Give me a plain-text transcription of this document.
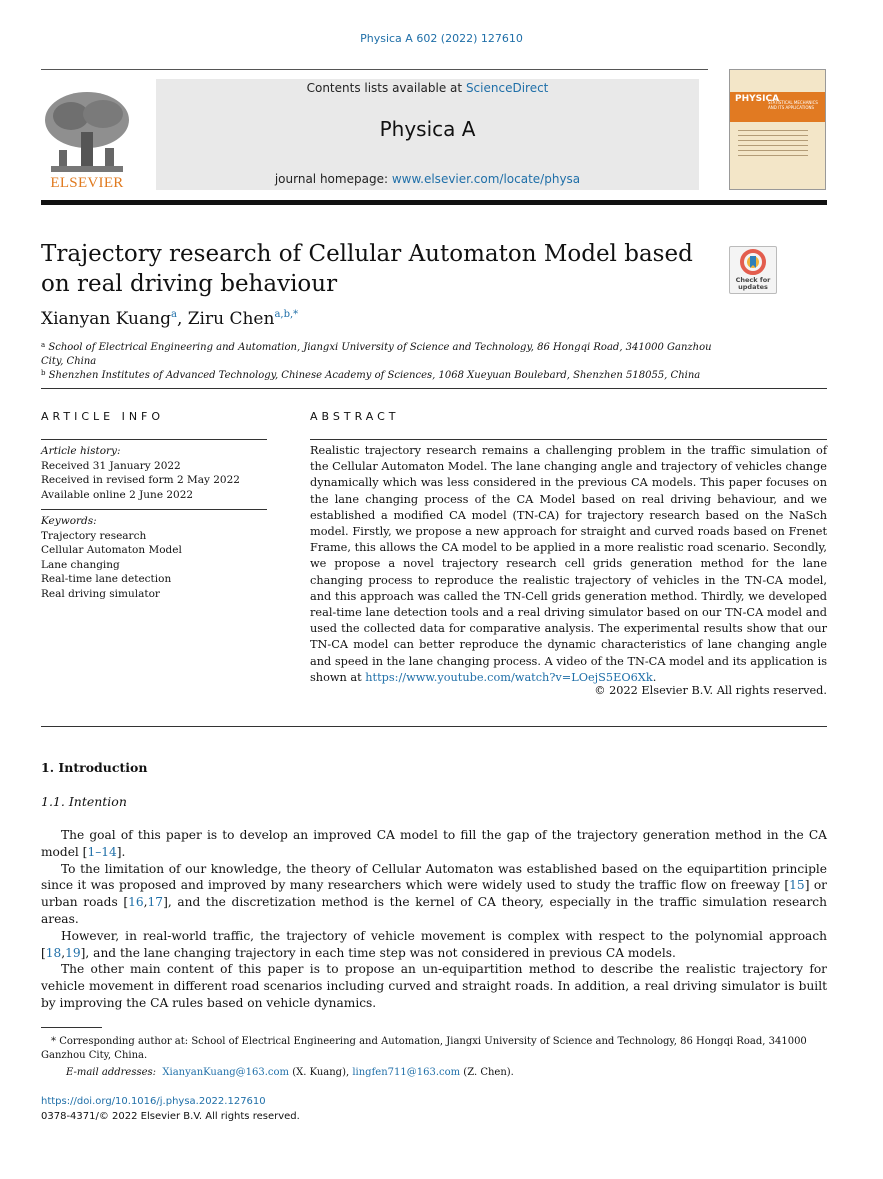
Physica A 602 (2022) 127610
ELSEVIER
Contents lists available at ScienceDirect
Physica A
journal homepage: www.elsevier.com/locate/physa
PHYSICA
STATISTICAL MECHANICS AND ITS APPLICATIONS
Trajectory research of Cellular Automaton Model based on real driving behaviour	Check for updates
Xianyan Kuang$^a$, Ziru Chen$^{a,b,*}$
$^a$ School of Electrical Engineering and Automation, Jiangxi University of Science and Technology, 86 Hongqi Road, 341000 Ganzhou City, China
$^b$ Shenzhen Institutes of Advanced Technology, Chinese Academy of Sciences, 1068 Xueyuan Boulebard, Shenzhen 518055, China
ARTICLE INFO	ABSTRACT
Article history:
Received 31 January 2022
Received in revised form 2 May 2022
Available online 2 June 2022
Keywords:
Trajectory research
Cellular Automaton Model
Lane changing
Real-time lane detection
Real driving simulator
Realistic trajectory research remains a challenging problem in the traffic simulation of the Cellular Automaton Model. The lane changing angle and trajectory of vehicles change dynamically which was less considered in the previous CA models. This paper focuses on the lane changing process of the CA Model based on real driving behaviour, and we established a modified CA model (TN-CA) for trajectory research based on the NaSch model. Firstly, we propose a new approach for straight and curved roads based on Frenet Frame, this allows the CA model to be applied in a more realistic road scenario. Secondly, we propose a novel trajectory research cell grids generation method for the lane changing process to reproduce the realistic trajectory of vehicles in the TN-CA model, and this approach was called the TN-Cell grids generation method. Thirdly, we developed real-time lane detection tools and a real driving simulator based on our TN-CA model and used the collected data for comparative analysis. The experimental results show that our TN-CA model can better reproduce the dynamic characteristics of lane changing angle and speed in the lane changing process. A video of the TN-CA model and its application is shown at https://www.youtube.com/watch?v=LOejS5EO6Xk.
© 2022 Elsevier B.V. All rights reserved.
1. Introduction
1.1. Intention

The goal of this paper is to develop an improved CA model to fill the gap of the trajectory generation method in the CA model [1–14].

To the limitation of our knowledge, the theory of Cellular Automaton was established based on the equipartition principle since it was proposed and improved by many researchers which were widely used to study the traffic flow on freeway [15] or urban roads [16,17], and the discretization method is the kernel of CA theory, especially in the traffic simulation research areas.

However, in real-world traffic, the trajectory of vehicle movement is complex with respect to the polynomial approach [18,19], and the lane changing trajectory in each time step was not considered in previous CA models.

The other main content of this paper is to propose an un-equipartition method to describe the realistic trajectory for vehicle movement in different road scenarios including curved and straight roads. In addition, a real driving simulator is built by improving the CA rules based on vehicle dynamics.

* Corresponding author at: School of Electrical Engineering and Automation, Jiangxi University of Science and Technology, 86 Hongqi Road, 341000 Ganzhou City, China.
E-mail addresses: XianyanKuang@163.com (X. Kuang), lingfen711@163.com (Z. Chen).
https://doi.org/10.1016/j.physa.2022.127610
0378-4371/© 2022 Elsevier B.V. All rights reserved.
